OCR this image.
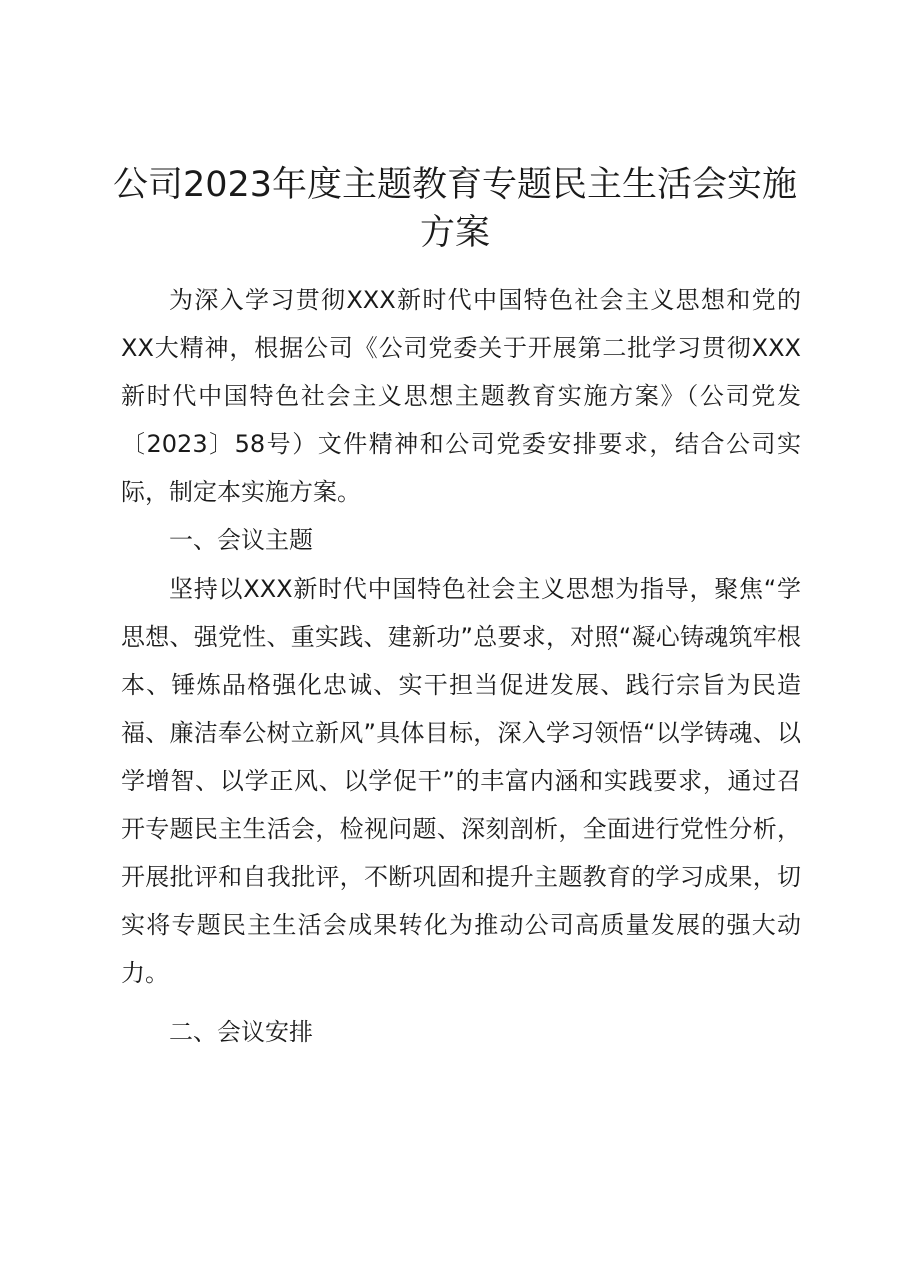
公司2023年度主题教育专题民主生活会实施
方案

为深入学习贯彻XXX新时代中国特色社会主义思想和党的XX大精神，根据公司《公司党委关于开展第二批学习贯彻XXX新时代中国特色社会主义思想主题教育实施方案》（公司党发〔2023〕58号）文件精神和公司党委安排要求，结合公司实际，制定本实施方案。

一、会议主题

坚持以XXX新时代中国特色社会主义思想为指导，聚焦“学思想、强党性、重实践、建新功”总要求，对照“凝心铸魂筑牢根本、锤炼品格强化忠诚、实干担当促进发展、践行宗旨为民造福、廉洁奉公树立新风”具体目标，深入学习领悟“以学铸魂、以学增智、以学正风、以学促干”的丰富内涵和实践要求，通过召开专题民主生活会，检视问题、深刻剖析，全面进行党性分析，开展批评和自我批评，不断巩固和提升主题教育的学习成果，切实将专题民主生活会成果转化为推动公司高质量发展的强大动力。

二、会议安排
